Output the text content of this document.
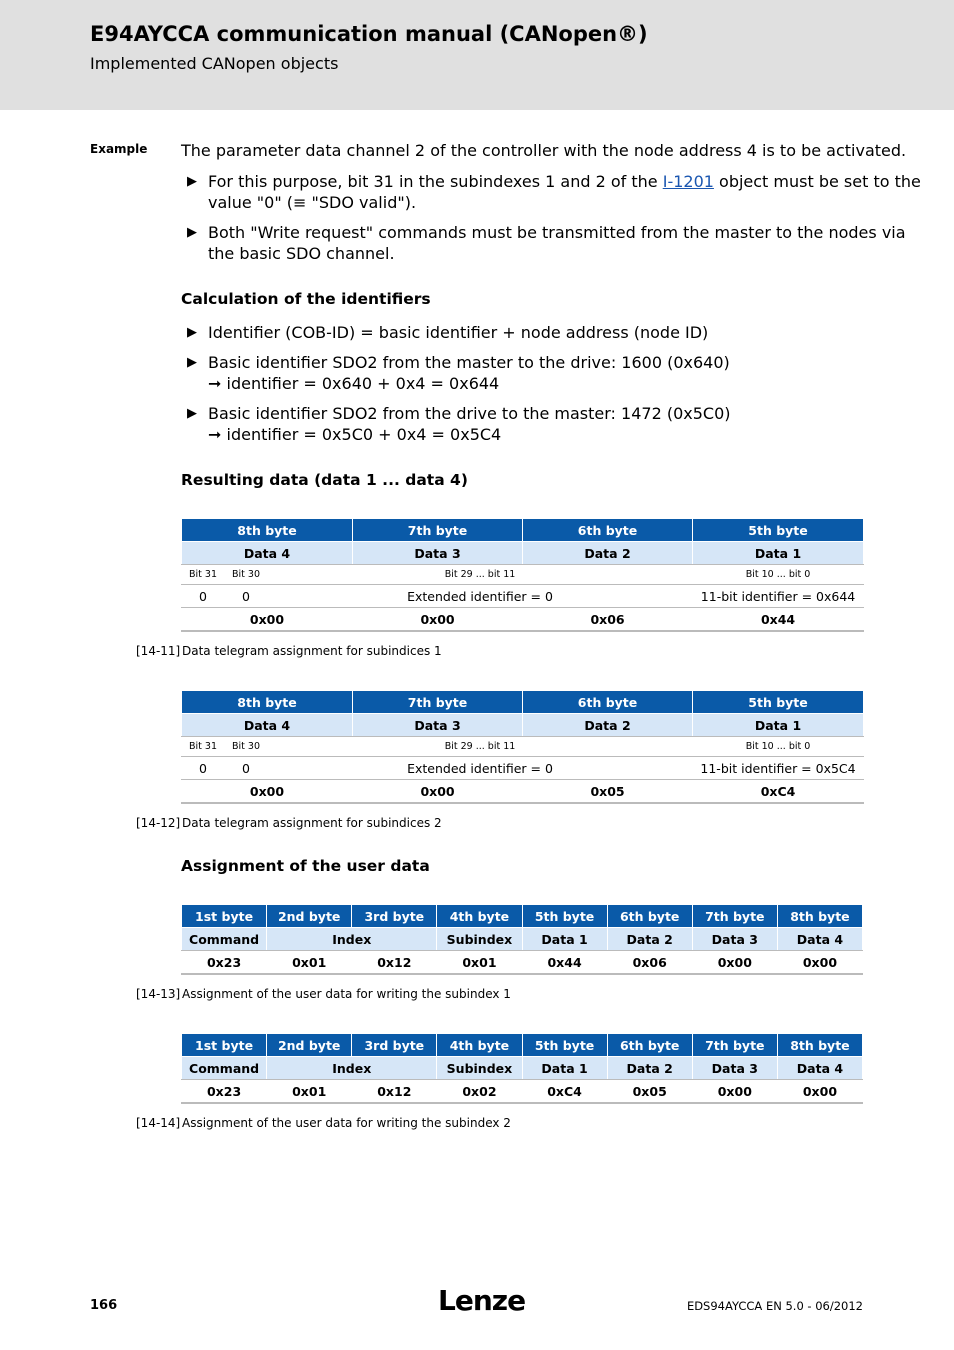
E94AYCCA communication manual (CANopen®)
Implemented CANopen objects
Example The parameter data channel 2 of the controller with the node address 4 is to be activated.
▶ For this purpose, bit 31 in the subindexes 1 and 2 of the I-1201 object must be set to the
value "0" (≡ "SDO valid").
▶ Both "Write request" commands must be transmitted from the master to the nodes via
the basic SDO channel.
Calculation of the identifiers
▶ Identifier (COB-ID) = basic identifier + node address (node ID)
▶ Basic identifier SDO2 from the master to the drive: 1600 (0x640)
➞ identifier = 0x640 + 0x4 = 0x644
▶ Basic identifier SDO2 from the drive to the master: 1472 (0x5C0)
➞ identifier = 0x5C0 + 0x4 = 0x5C4
Resulting data (data 1 ... data 4)
8th byte			7th byte	6th byte	5th byte
Data 4			Data 3	Data 2	Data 1
Bit 31	Bit 30	Bit 29 ... bit 11			Bit 10 ... bit 0
0	0	Extended identifier = 0			11-bit identifier = 0x644
0x00			0x00	0x06	0x44
[14-11] Data telegram assignment for subindices 1
8th byte			7th byte	6th byte	5th byte
Data 4			Data 3	Data 2	Data 1
Bit 31	Bit 30	Bit 29 ... bit 11			Bit 10 ... bit 0
0	0	Extended identifier = 0			11-bit identifier = 0x5C4
0x00			0x00	0x05	0xC4
[14-12] Data telegram assignment for subindices 2
Assignment of the user data
1st byte	2nd byte	3rd byte	4th byte	5th byte	6th byte	7th byte	8th byte
Command	Index		Subindex	Data 1	Data 2	Data 3	Data 4
0x23	0x01	0x12	0x01	0x44	0x06	0x00	0x00
[14-13] Assignment of the user data for writing the subindex 1
1st byte	2nd byte	3rd byte	4th byte	5th byte	6th byte	7th byte	8th byte
Command	Index		Subindex	Data 1	Data 2	Data 3	Data 4
0x23	0x01	0x12	0x02	0xC4	0x05	0x00	0x00
[14-14] Assignment of the user data for writing the subindex 2
166	Lenze	EDS94AYCCA EN 5.0 - 06/2012
